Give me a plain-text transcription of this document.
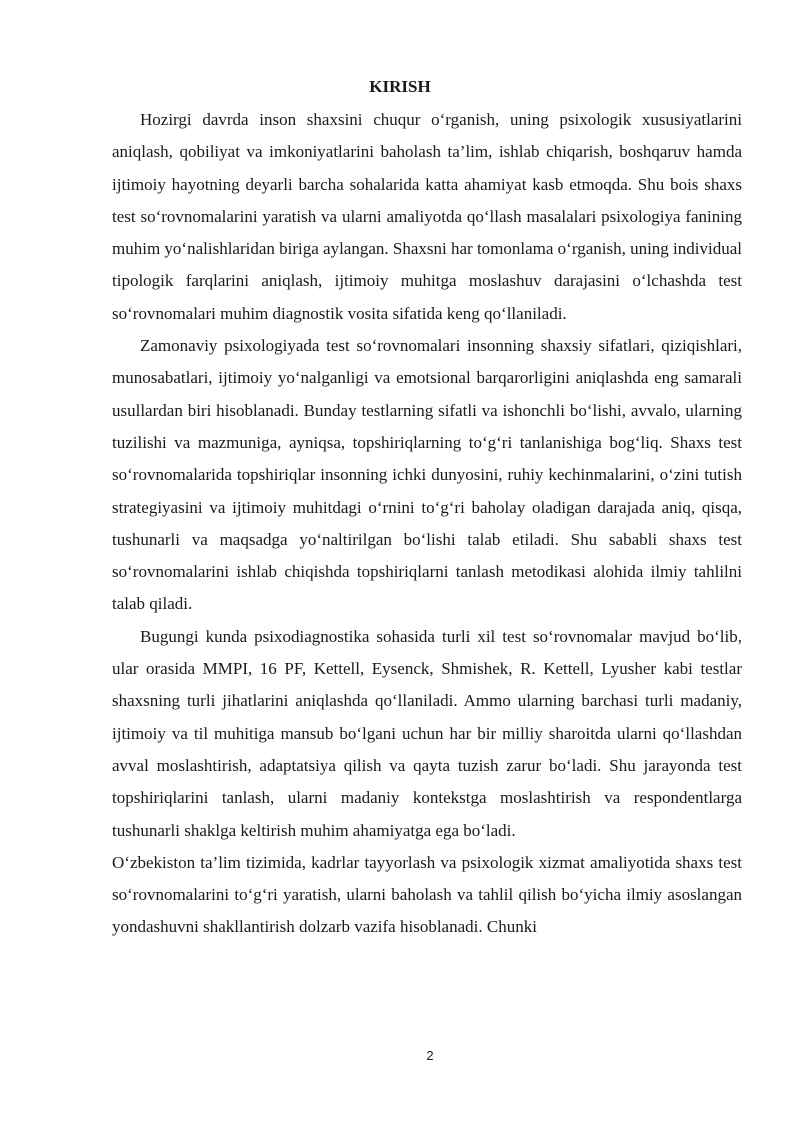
KIRISH

Hozirgi davrda inson shaxsini chuqur o‘rganish, uning psixologik xususiyatlarini aniqlash, qobiliyat va imkoniyatlarini baholash ta’lim, ishlab chiqarish, boshqaruv hamda ijtimoiy hayotning deyarli barcha sohalarida katta ahamiyat kasb etmoqda. Shu bois shaxs test so‘rovnomalarini yaratish va ularni amaliyotda qo‘llash masalalari psixologiya fanining muhim yo‘nalishlaridan biriga aylangan. Shaxsni har tomonlama o‘rganish, uning individual tipologik farqlarini aniqlash, ijtimoiy muhitga moslashuv darajasini o‘lchashda test so‘rovnomalari muhim diagnostik vosita sifatida keng qo‘llaniladi.

Zamonaviy psixologiyada test so‘rovnomalari insonning shaxsiy sifatlari, qiziqishlari, munosabatlari, ijtimoiy yo‘nalganligi va emotsional barqarorligini aniqlashda eng samarali usullardan biri hisoblanadi. Bunday testlarning sifatli va ishonchli bo‘lishi, avvalo, ularning tuzilishi va mazmuniga, ayniqsa, topshiriqlarning to‘g‘ri tanlanishiga bog‘liq. Shaxs test so‘rovnomalarida topshiriqlar insonning ichki dunyosini, ruhiy kechinmalarini, o‘zini tutish strategiyasini va ijtimoiy muhitdagi o‘rnini to‘g‘ri baholay oladigan darajada aniq, qisqa, tushunarli va maqsadga yo‘naltirilgan bo‘lishi talab etiladi. Shu sababli shaxs test so‘rovnomalarini ishlab chiqishda topshiriqlarni tanlash metodikasi alohida ilmiy tahlilni talab qiladi.

Bugungi kunda psixodiagnostika sohasida turli xil test so‘rovnomalar mavjud bo‘lib, ular orasida MMPI, 16 PF, Kettell, Eysenck, Shmishek, R. Kettell, Lyusher kabi testlar shaxsning turli jihatlarini aniqlashda qo‘llaniladi. Ammo ularning barchasi turli madaniy, ijtimoiy va til muhitiga mansub bo‘lgani uchun har bir milliy sharoitda ularni qo‘llashdan avval moslashtirish, adaptatsiya qilish va qayta tuzish zarur bo‘ladi. Shu jarayonda test topshiriqlarini tanlash, ularni madaniy kontekstga moslashtirish va respondentlarga tushunarli shaklga keltirish muhim ahamiyatga ega bo‘ladi.

O‘zbekiston ta’lim tizimida, kadrlar tayyorlash va psixologik xizmat amaliyotida shaxs test so‘rovnomalarini to‘g‘ri yaratish, ularni baholash va tahlil qilish bo‘yicha ilmiy asoslangan yondashuvni shakllantirish dolzarb vazifa hisoblanadi. Chunki

2
